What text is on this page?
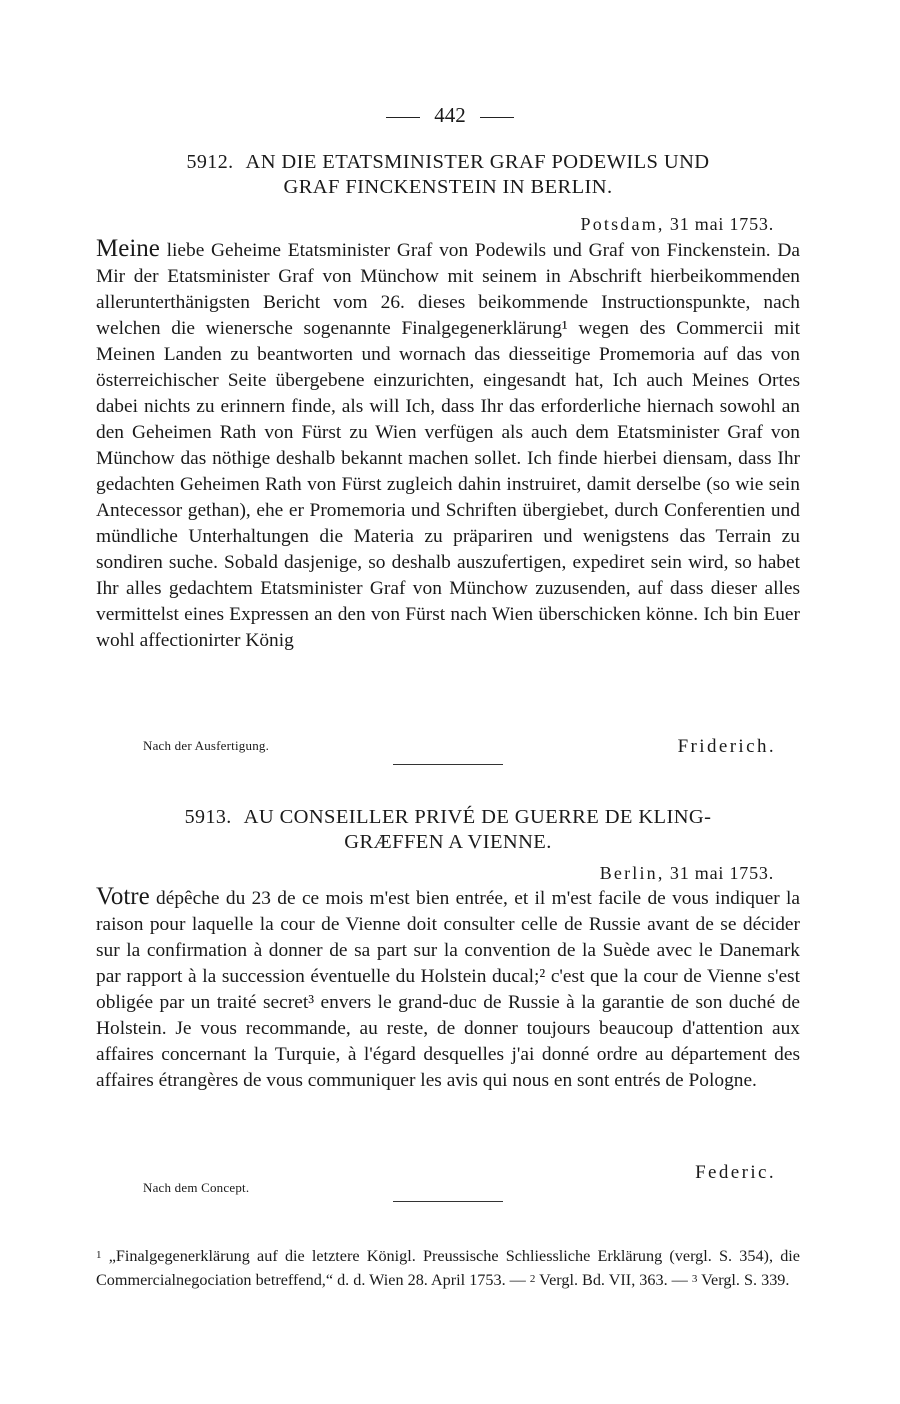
442
5912. AN DIE ETATSMINISTER GRAF PODEWILS UND
GRAF FINCKENSTEIN IN BERLIN.
Potsdam, 31 mai 1753.
Meine liebe Geheime Etatsminister Graf von Podewils und Graf von Finckenstein. Da Mir der Etatsminister Graf von Münchow mit seinem in Abschrift hierbeikommenden allerunterthänigsten Bericht vom 26. dieses beikommende Instructionspunkte, nach welchen die wienersche sogenannte Finalgegenerklärung¹ wegen des Commercii mit Meinen Landen zu beantworten und wornach das diesseitige Promemoria auf das von österreichischer Seite übergebene einzurichten, eingesandt hat, Ich auch Meines Ortes dabei nichts zu erinnern finde, als will Ich, dass Ihr das erforderliche hiernach sowohl an den Geheimen Rath von Fürst zu Wien verfügen als auch dem Etatsminister Graf von Münchow das nöthige deshalb bekannt machen sollet. Ich finde hierbei diensam, dass Ihr gedachten Geheimen Rath von Fürst zugleich dahin instruiret, damit derselbe (so wie sein Antecessor gethan), ehe er Promemoria und Schriften übergiebet, durch Conferentien und mündliche Unterhaltungen die Materia zu präpariren und wenigstens das Terrain zu sondiren suche. Sobald dasjenige, so deshalb auszufertigen, expediret sein wird, so habet Ihr alles gedachtem Etatsminister Graf von Münchow zuzusenden, auf dass dieser alles vermittelst eines Expressen an den von Fürst nach Wien überschicken könne. Ich bin Euer wohl affectionirter König
Nach der Ausfertigung.	Friderich.
5913. AU CONSEILLER PRIVÉ DE GUERRE DE KLING-
GRÆFFEN A VIENNE.
Berlin, 31 mai 1753.
Votre dépêche du 23 de ce mois m'est bien entrée, et il m'est facile de vous indiquer la raison pour laquelle la cour de Vienne doit consulter celle de Russie avant de se décider sur la confirmation à donner de sa part sur la convention de la Suède avec le Danemark par rapport à la succession éventuelle du Holstein ducal;² c'est que la cour de Vienne s'est obligée par un traité secret³ envers le grand-duc de Russie à la garantie de son duché de Holstein. Je vous recommande, au reste, de donner toujours beaucoup d'attention aux affaires concernant la Turquie, à l'égard desquelles j'ai donné ordre au département des affaires étrangères de vous communiquer les avis qui nous en sont entrés de Pologne.
Nach dem Concept.
Federic.
1 „Finalgegenerklärung auf die letztere Königl. Preussische Schliessliche Erklärung (vergl. S. 354), die Commercialnegociation betreffend,“ d. d. Wien 28. April 1753. — 2 Vergl. Bd. VII, 363. — 3 Vergl. S. 339.
